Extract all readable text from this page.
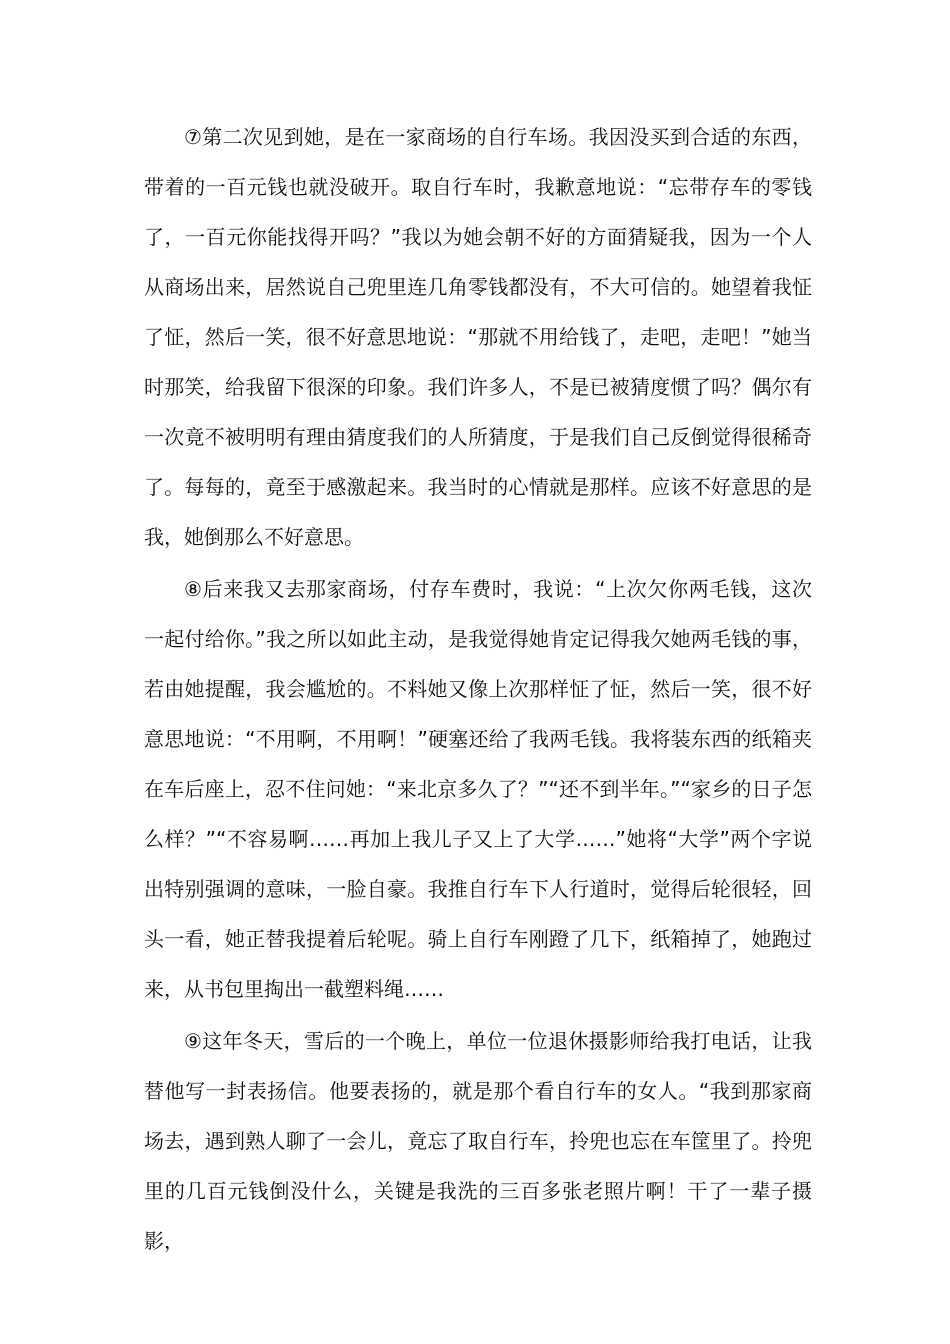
⑦第二次见到她，是在一家商场的自行车场。我因没买到合适的东西，带着的一百元钱也就没破开。取自行车时，我歉意地说：“忘带存车的零钱了，一百元你能找得开吗？”我以为她会朝不好的方面猜疑我，因为一个人从商场出来，居然说自己兜里连几角零钱都没有，不大可信的。她望着我怔了怔，然后一笑，很不好意思地说：“那就不用给钱了，走吧，走吧！”她当时那笑，给我留下很深的印象。我们许多人，不是已被猜度惯了吗？偶尔有一次竟不被明明有理由猜度我们的人所猜度，于是我们自己反倒觉得很稀奇了。每每的，竟至于感激起来。我当时的心情就是那样。应该不好意思的是我，她倒那么不好意思。

⑧后来我又去那家商场，付存车费时，我说：“上次欠你两毛钱，这次一起付给你。”我之所以如此主动，是我觉得她肯定记得我欠她两毛钱的事，若由她提醒，我会尴尬的。不料她又像上次那样怔了怔，然后一笑，很不好意思地说：“不用啊，不用啊！”硬塞还给了我两毛钱。我将装东西的纸箱夹在车后座上，忍不住问她：“来北京多久了？”“还不到半年。”“家乡的日子怎么样？”“不容易啊……再加上我儿子又上了大学……”她将“大学”两个字说出特别强调的意味，一脸自豪。我推自行车下人行道时，觉得后轮很轻，回头一看，她正替我提着后轮呢。骑上自行车刚蹬了几下，纸箱掉了，她跑过来，从书包里掏出一截塑料绳……

⑨这年冬天，雪后的一个晚上，单位一位退休摄影师给我打电话，让我替他写一封表扬信。他要表扬的，就是那个看自行车的女人。“我到那家商场去，遇到熟人聊了一会儿，竟忘了取自行车，拎兜也忘在车筐里了。拎兜里的几百元钱倒没什么，关键是我洗的三百多张老照片啊！干了一辈子摄影，
